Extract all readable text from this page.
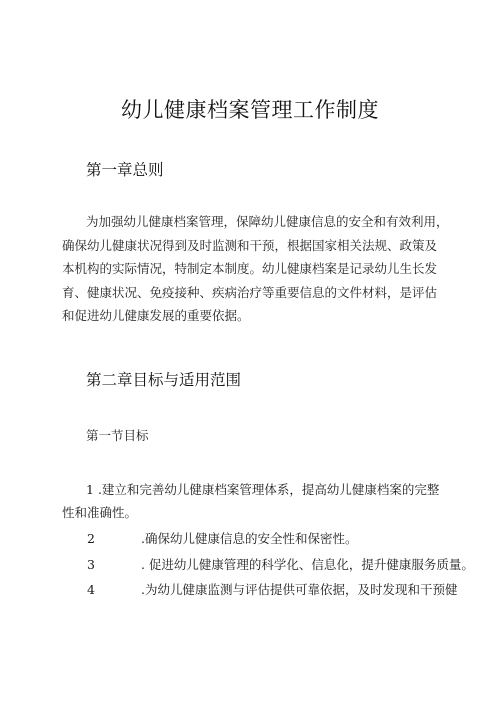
幼儿健康档案管理工作制度
第一章总则
为加强幼儿健康档案管理，保障幼儿健康信息的安全和有效利用，
确保幼儿健康状况得到及时监测和干预，根据国家相关法规、政策及
本机构的实际情况，特制定本制度。幼儿健康档案是记录幼儿生长发
育、健康状况、免疫接种、疾病治疗等重要信息的文件材料，是评估
和促进幼儿健康发展的重要依据。
第二章目标与适用范围
第一节目标
1 .建立和完善幼儿健康档案管理体系，提高幼儿健康档案的完整
性和准确性。
2	.确保幼儿健康信息的安全性和保密性。
3	. 促进幼儿健康管理的科学化、信息化，提升健康服务质量。
4	.为幼儿健康监测与评估提供可靠依据，及时发现和干预健
